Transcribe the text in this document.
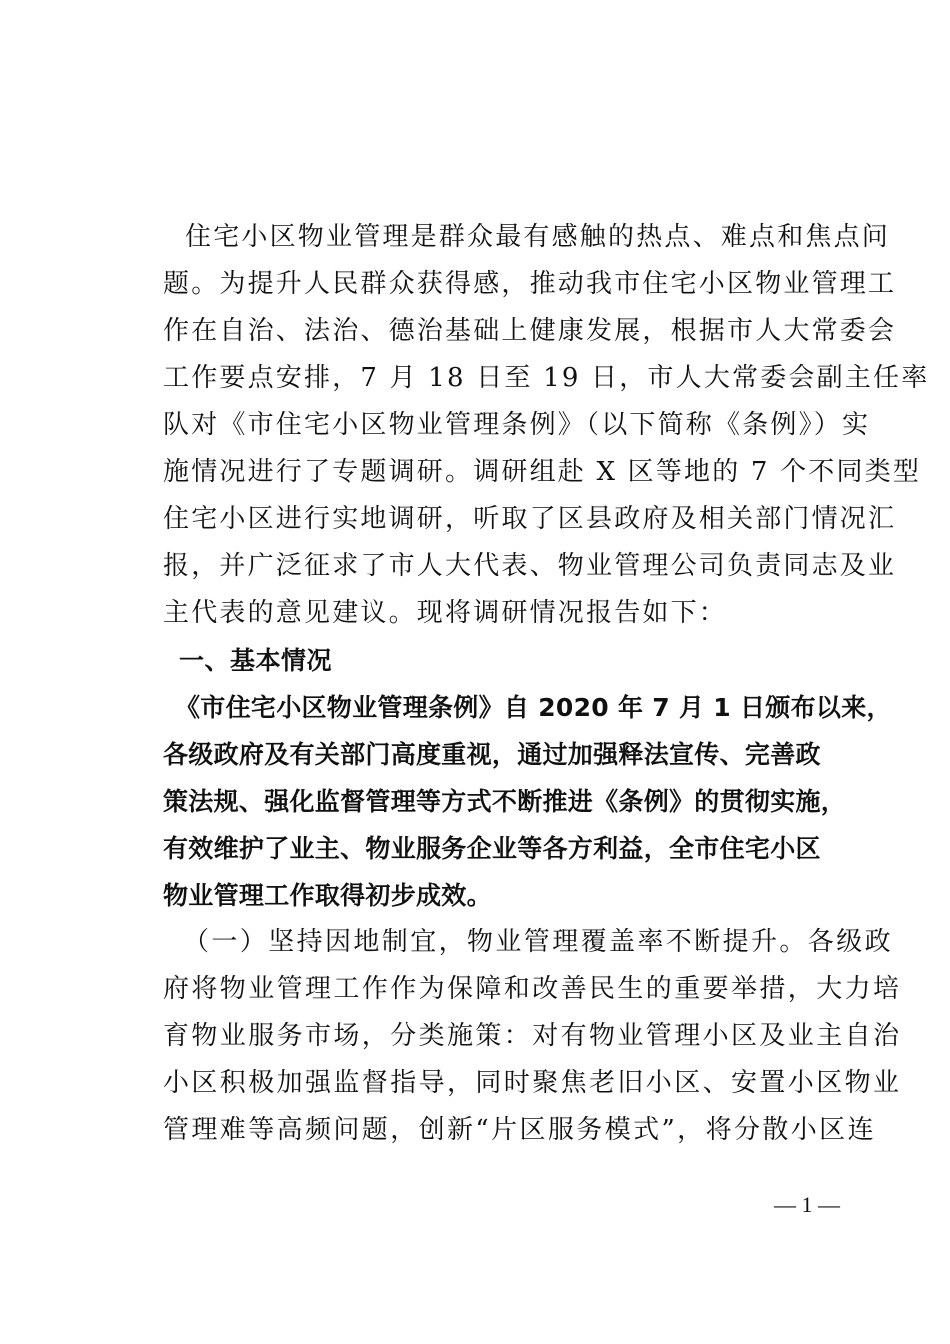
住宅小区物业管理是群众最有感触的热点、难点和焦点问
题。为提升人民群众获得感，推动我市住宅小区物业管理工
作在自治、法治、德治基础上健康发展，根据市人大常委会
工作要点安排，7 月 18 日至 19 日，市人大常委会副主任率
队对《市住宅小区物业管理条例》（以下简称《条例》）实
施情况进行了专题调研。调研组赴 X 区等地的 7 个不同类型
住宅小区进行实地调研，听取了区县政府及相关部门情况汇
报，并广泛征求了市人大代表、物业管理公司负责同志及业
主代表的意见建议。现将调研情况报告如下：
一、基本情况
《市住宅小区物业管理条例》自 2020 年 7 月 1 日颁布以来，
各级政府及有关部门高度重视，通过加强释法宣传、完善政
策法规、强化监督管理等方式不断推进《条例》的贯彻实施，
有效维护了业主、物业服务企业等各方利益，全市住宅小区
物业管理工作取得初步成效。
（一）坚持因地制宜，物业管理覆盖率不断提升。各级政
府将物业管理工作作为保障和改善民生的重要举措，大力培
育物业服务市场，分类施策：对有物业管理小区及业主自治
小区积极加强监督指导，同时聚焦老旧小区、安置小区物业
管理难等高频问题，创新“片区服务模式”，将分散小区连
— 1 —
